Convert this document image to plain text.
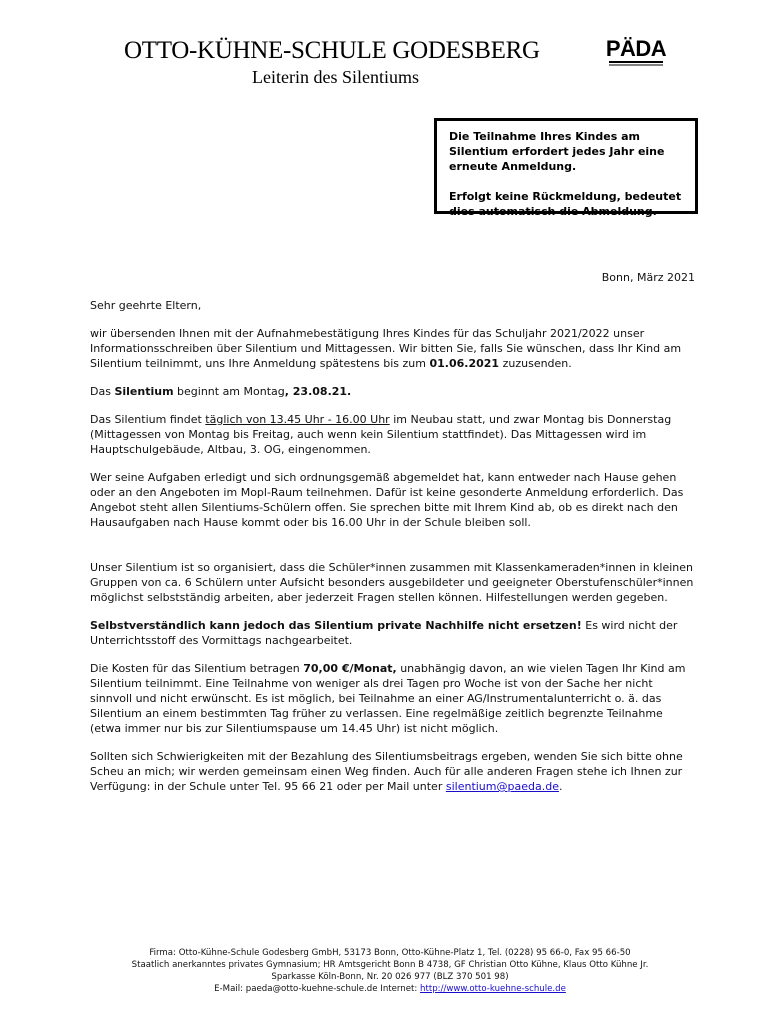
OTTO-KÜHNE-SCHULE GODESBERG
Leiterin des Silentiums
PÄDA

Die Teilnahme Ihres Kindes am Silentium erfordert jedes Jahr eine erneute Anmeldung.

Erfolgt keine Rückmeldung, bedeutet dies automatisch die Abmeldung.

Bonn, März 2021

Sehr geehrte Eltern,

wir übersenden Ihnen mit der Aufnahmebestätigung Ihres Kindes für das Schuljahr 2021/2022 unser Informationsschreiben über Silentium und Mittagessen. Wir bitten Sie, falls Sie wünschen, dass Ihr Kind am Silentium teilnimmt, uns Ihre Anmeldung spätestens bis zum 01.06.2021 zuzusenden.

Das Silentium beginnt am Montag, 23.08.21.

Das Silentium findet täglich von 13.45 Uhr - 16.00 Uhr im Neubau statt, und zwar Montag bis Donnerstag (Mittagessen von Montag bis Freitag, auch wenn kein Silentium stattfindet). Das Mittagessen wird im Hauptschulgebäude, Altbau, 3. OG, eingenommen.

Wer seine Aufgaben erledigt und sich ordnungsgemäß abgemeldet hat, kann entweder nach Hause gehen oder an den Angeboten im Mopl-Raum teilnehmen. Dafür ist keine gesonderte Anmeldung erforderlich. Das Angebot steht allen Silentiums-Schülern offen. Sie sprechen bitte mit Ihrem Kind ab, ob es direkt nach den Hausaufgaben nach Hause kommt oder bis 16.00 Uhr in der Schule bleiben soll.

Unser Silentium ist so organisiert, dass die Schüler*innen zusammen mit Klassenkameraden*innen in kleinen Gruppen von ca. 6 Schülern unter Aufsicht besonders ausgebildeter und geeigneter Oberstufenschüler*innen möglichst selbstständig arbeiten, aber jederzeit Fragen stellen können. Hilfestellungen werden gegeben.

Selbstverständlich kann jedoch das Silentium private Nachhilfe nicht ersetzen! Es wird nicht der Unterrichtsstoff des Vormittags nachgearbeitet.

Die Kosten für das Silentium betragen 70,00 €/Monat, unabhängig davon, an wie vielen Tagen Ihr Kind am Silentium teilnimmt. Eine Teilnahme von weniger als drei Tagen pro Woche ist von der Sache her nicht sinnvoll und nicht erwünscht. Es ist möglich, bei Teilnahme an einer AG/Instrumentalunterricht o. ä. das Silentium an einem bestimmten Tag früher zu verlassen. Eine regelmäßige zeitlich begrenzte Teilnahme (etwa immer nur bis zur Silentiumspause um 14.45 Uhr) ist nicht möglich.

Sollten sich Schwierigkeiten mit der Bezahlung des Silentiumsbeitrags ergeben, wenden Sie sich bitte ohne Scheu an mich; wir werden gemeinsam einen Weg finden. Auch für alle anderen Fragen stehe ich Ihnen zur Verfügung: in der Schule unter Tel. 95 66 21 oder per Mail unter silentium@paeda.de.

Firma: Otto-Kühne-Schule Godesberg GmbH, 53173 Bonn, Otto-Kühne-Platz 1, Tel. (0228) 95 66-0, Fax 95 66-50
Staatlich anerkanntes privates Gymnasium; HR Amtsgericht Bonn B 4738, GF Christian Otto Kühne, Klaus Otto Kühne Jr.
Sparkasse Köln-Bonn, Nr. 20 026 977 (BLZ 370 501 98)
E-Mail: paeda@otto-kuehne-schule.de Internet: http://www.otto-kuehne-schule.de
